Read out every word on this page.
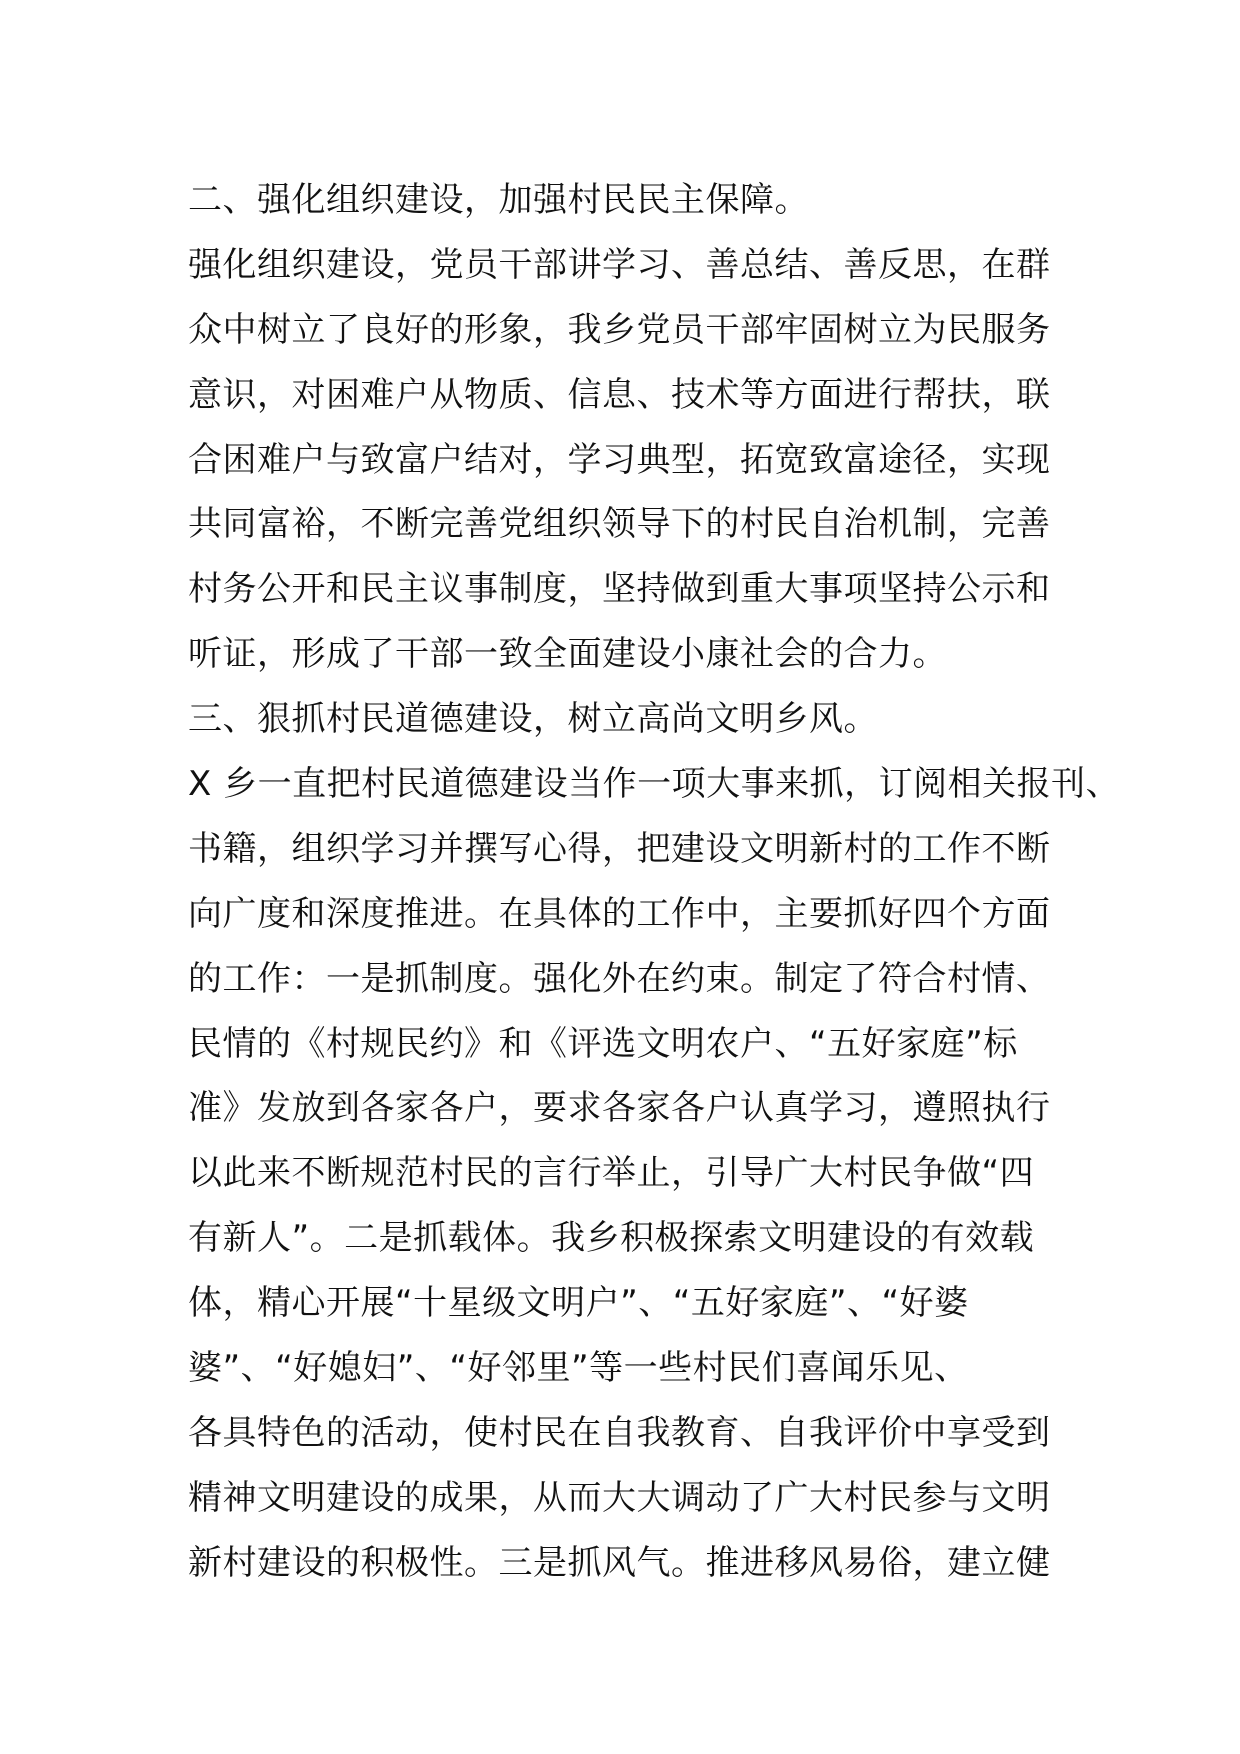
二、强化组织建设，加强村民民主保障。
强化组织建设，党员干部讲学习、善总结、善反思，在群
众中树立了良好的形象，我乡党员干部牢固树立为民服务
意识，对困难户从物质、信息、技术等方面进行帮扶，联
合困难户与致富户结对，学习典型，拓宽致富途径，实现
共同富裕，不断完善党组织领导下的村民自治机制，完善
村务公开和民主议事制度，坚持做到重大事项坚持公示和
听证，形成了干部一致全面建设小康社会的合力。
三、狠抓村民道德建设，树立高尚文明乡风。
X 乡一直把村民道德建设当作一项大事来抓，订阅相关报刊、
书籍，组织学习并撰写心得，把建设文明新村的工作不断
向广度和深度推进。在具体的工作中，主要抓好四个方面
的工作：一是抓制度。强化外在约束。制定了符合村情、
民情的《村规民约》和《评选文明农户、“五好家庭”标
准》发放到各家各户，要求各家各户认真学习，遵照执行
以此来不断规范村民的言行举止，引导广大村民争做“四
有新人”。二是抓载体。我乡积极探索文明建设的有效载
体，精心开展“十星级文明户”、“五好家庭”、“好婆
婆”、“好媳妇”、“好邻里”等一些村民们喜闻乐见、
各具特色的活动，使村民在自我教育、自我评价中享受到
精神文明建设的成果，从而大大调动了广大村民参与文明
新村建设的积极性。三是抓风气。推进移风易俗，建立健
